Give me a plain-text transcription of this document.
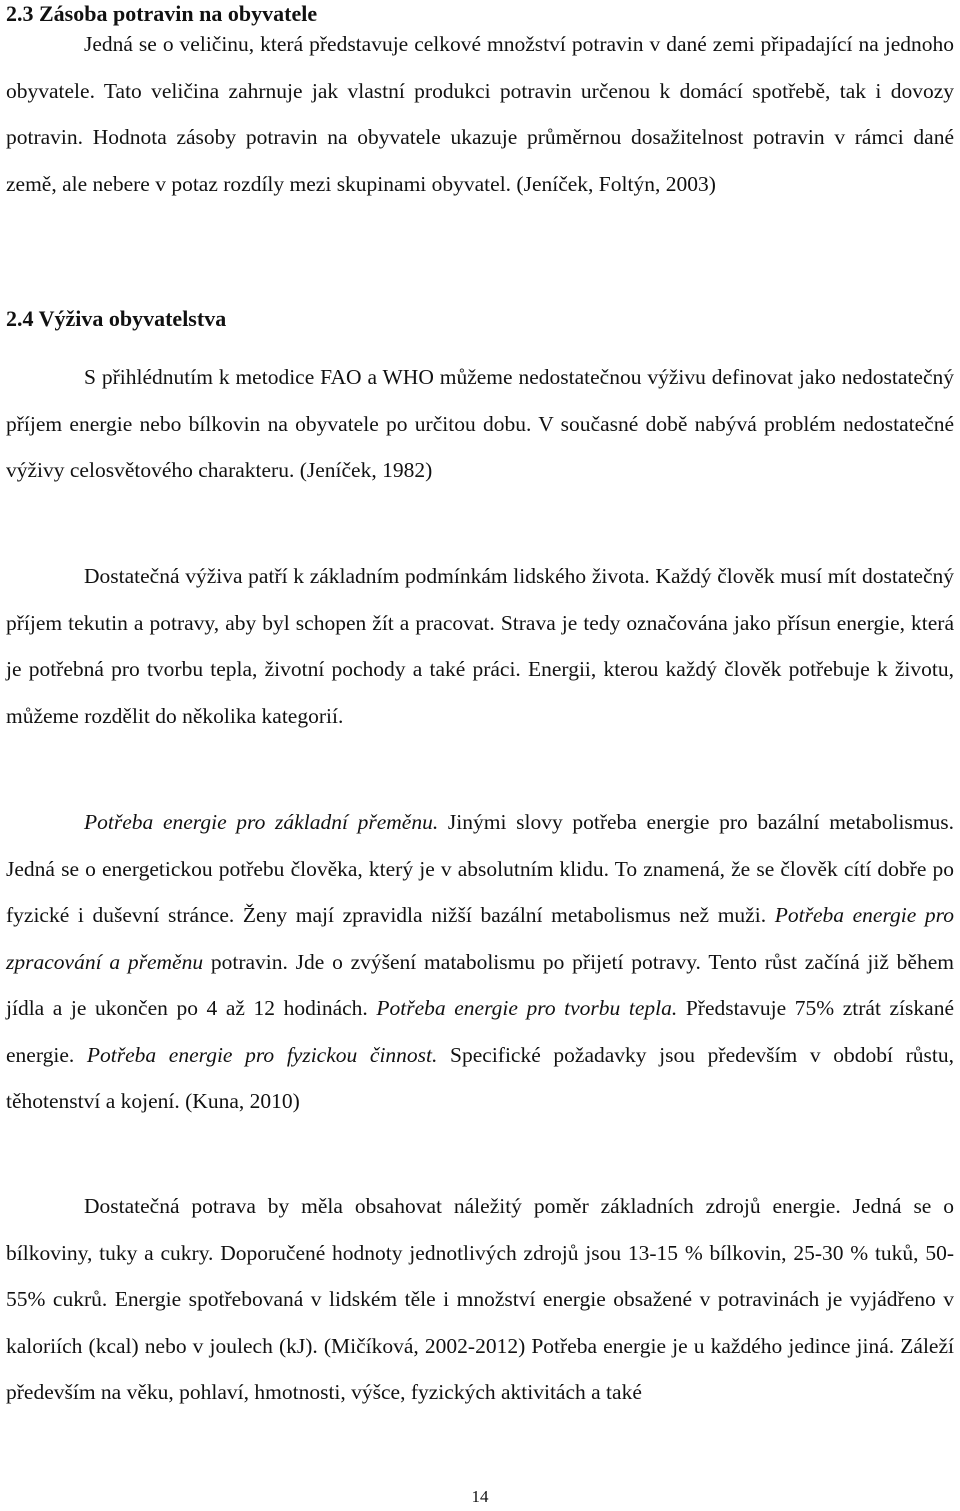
2.3 Zásoba potravin na obyvatele

Jedná se o veličinu, která představuje celkové množství potravin v dané zemi připadající na jednoho obyvatele. Tato veličina zahrnuje jak vlastní produkci potravin určenou k domácí spotřebě, tak i dovozy potravin. Hodnota zásoby potravin na obyvatele ukazuje průměrnou dosažitelnost potravin v rámci dané země, ale nebere v potaz rozdíly mezi skupinami obyvatel. (Jeníček, Foltýn, 2003)

2.4 Výživa obyvatelstva

S přihlédnutím k metodice FAO a WHO můžeme nedostatečnou výživu definovat jako nedostatečný příjem energie nebo bílkovin na obyvatele po určitou dobu. V současné době nabývá problém nedostatečné výživy celosvětového charakteru. (Jeníček, 1982)

Dostatečná výživa patří k základním podmínkám lidského života. Každý člověk musí mít dostatečný příjem tekutin a potravy, aby byl schopen žít a pracovat. Strava je tedy označována jako přísun energie, která je potřebná pro tvorbu tepla, životní pochody a také práci. Energii, kterou každý člověk potřebuje k životu, můžeme rozdělit do několika kategorií.

Potřeba energie pro základní přeměnu. Jinými slovy potřeba energie pro bazální metabolismus. Jedná se o energetickou potřebu člověka, který je v absolutním klidu. To znamená, že se člověk cítí dobře po fyzické i duševní stránce. Ženy mají zpravidla nižší bazální metabolismus než muži. Potřeba energie pro zpracování a přeměnu potravin. Jde o zvýšení matabolismu po přijetí potravy. Tento růst začíná již během jídla a je ukončen po 4 až 12 hodinách. Potřeba energie pro tvorbu tepla. Představuje 75% ztrát získané energie. Potřeba energie pro fyzickou činnost. Specifické požadavky jsou především v období růstu, těhotenství a kojení. (Kuna, 2010)

Dostatečná potrava by měla obsahovat náležitý poměr základních zdrojů energie. Jedná se o bílkoviny, tuky a cukry. Doporučené hodnoty jednotlivých zdrojů jsou 13-15 % bílkovin, 25-30 % tuků, 50-55% cukrů. Energie spotřebovaná v lidském těle i množství energie obsažené v potravinách je vyjádřeno v kaloriích (kcal) nebo v joulech (kJ). (Mičíková, 2002-2012) Potřeba energie je u každého jedince jiná. Záleží především na věku, pohlaví, hmotnosti, výšce, fyzických aktivitách a také

14
